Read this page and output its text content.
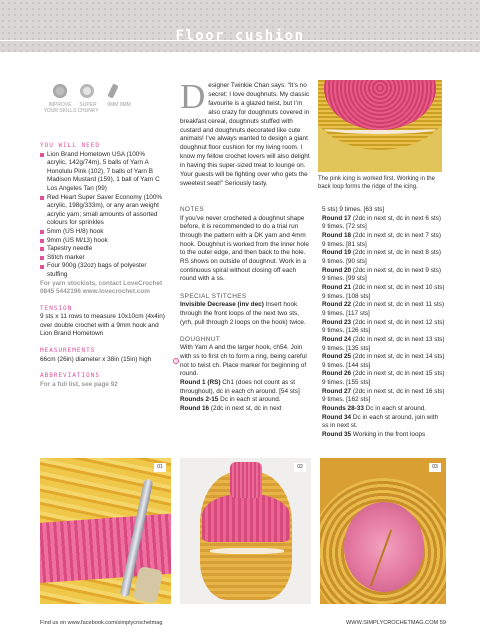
Floor cushion
IMPROVE YOUR SKILLS
SUPER CHUNKY
9MM 9MM
YOU WILL NEED
Lion Brand Hometown USA (100% acrylic, 142g/74m), 5 balls of Yarn A Honolulu Pink (102), 7 balls of Yarn B Madison Mustard (159), 1 ball of Yarn C Los Angeles Tan (99)
Red Heart Super Saver Economy (100% acrylic, 198g/333m), or any aran weight acrylic yarn; small amounts of assorted colours for sprinkles
5mm (US H/8) hook
9mm (US M/13) hook
Tapestry needle
Stitch marker
Four 900g (32oz) bags of polyester stuffing
For yarn stockists, contact LoveCrochet 0845 5442196 www.lovecrochet.com
TENSION
9 sts x 11 rows to measure 10x10cm (4x4in) over double crochet with a 9mm hook and Lion Brand Hometown
MEASUREMENTS
66cm (26in) diameter x 38in (15in) high
ABBREVIATIONS
For a full list, see page 92
Designer Twinkie Chan says: “It’s no secret: I love doughnuts. My classic favourite is a glazed twist, but I’m also crazy for doughnuts covered in breakfast cereal, doughnuts stuffed with custard and doughnuts decorated like cute animals! I’ve always wanted to design a giant doughnut floor cushion for my living room. I know my fellow crochet lovers will also delight in having this super-sized treat to lounge on. Your guests will be fighting over who gets the sweetest seat!” Seriously tasty.
The pink icing is worked first. Working in the back loop forms the ridge of the icing.
NOTES
If you’ve never crocheted a doughnut shape before, it is recommended to do a trial run through the pattern with a DK yarn and 4mm hook. Doughnut is worked from the inner hole to the outer edge, and then back to the hole. RS shows on outside of doughnut. Work in a continuous spiral without closing off each round with a ss.
SPECIAL STITCHES
Invisible Decrease (inv dec) Insert hook through the front loops of the next two sts, (yrh, pull through 2 loops on the hook) twice.
DOUGHNUT
With Yarn A and the larger hook, ch54. Join with ss to first ch to form a ring, being careful not to twist ch. Place marker for beginning of round.
Round 1 (RS) Ch1 (does not count as st throughout), dc in each ch around. [54 sts]
Rounds 2-15 Dc in each st around.
Round 16 (2dc in next st, dc in next
1
5 sts) 9 times. [63 sts]
Round 17 (2dc in next st, dc in next 6 sts) 9 times. [72 sts]
Round 18 (2dc in next st, dc in next 7 sts) 9 times. [81 sts]
Round 19 (2dc in next st, dc in next 8 sts) 9 times. [90 sts]
Round 20 (2dc in next st, dc in next 9 sts) 9 times. [99 sts]
Round 21 (2dc in next st, dc in next 10 sts) 9 times. [108 sts]
Round 22 (2dc in next st, dc in next 11 sts) 9 times. [117 sts]
Round 23 (2dc in next st, dc in next 12 sts) 9 times. [126 sts]
Round 24 (2dc in next st, dc in next 13 sts) 9 times. [135 sts]
Round 25 (2dc in next st, dc in next 14 sts) 9 times. [144 sts]
Round 26 (2dc in next st, dc in next 15 sts) 9 times. [155 sts]
Round 27 (2dc in next st, dc in next 16 sts) 9 times. [162 sts]
Rounds 28-33 Dc in each st around.
Round 34 Dc in each st around, join with ss in next st.
Round 35 Working in the front loops
01	02	03
Find us on www.facebook.com/simplycrochetmag	WWW.SIMPLYCROCHETMAG.COM 59
